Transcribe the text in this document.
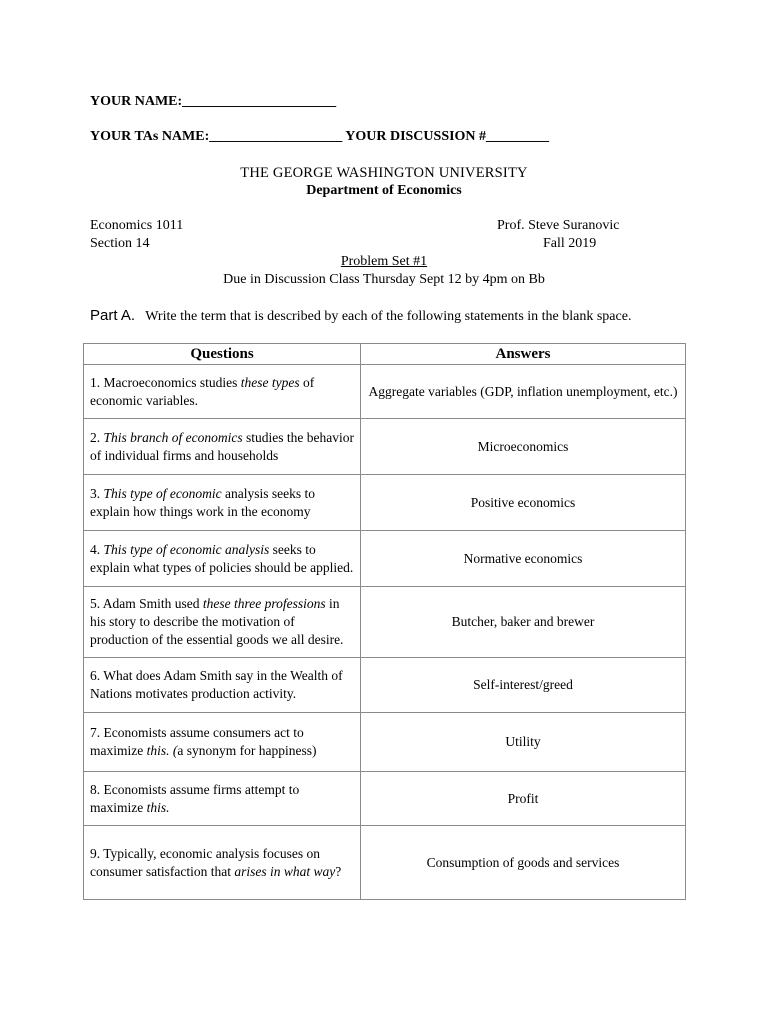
YOUR NAME:______________________
YOUR TAs NAME:___________________ YOUR DISCUSSION #_________
THE GEORGE WASHINGTON UNIVERSITY
Department of Economics
Economics 1011
Section 14
Prof. Steve Suranovic
Fall 2019
Problem Set #1
Due in Discussion Class Thursday Sept 12 by 4pm on Bb
Part A. Write the term that is described by each of the following statements in the blank space.
Questions	Answers

1. Macroeconomics studies these types of economic variables.	Aggregate variables (GDP, inflation unemployment, etc.)

2. This branch of economics studies the behavior of individual firms and households	Microeconomics

3. This type of economic analysis seeks to explain how things work in the economy	Positive economics

4. This type of economic analysis seeks to explain what types of policies should be applied.	Normative economics

5. Adam Smith used these three professions in his story to describe the motivation of production of the essential goods we all desire.	Butcher, baker and brewer

6. What does Adam Smith say in the Wealth of Nations motivates production activity.	Self-interest/greed

7. Economists assume consumers act to maximize this. (a synonym for happiness)	Utility

8. Economists assume firms attempt to maximize this.	Profit

9. Typically, economic analysis focuses on consumer satisfaction that arises in what way?	Consumption of goods and services
